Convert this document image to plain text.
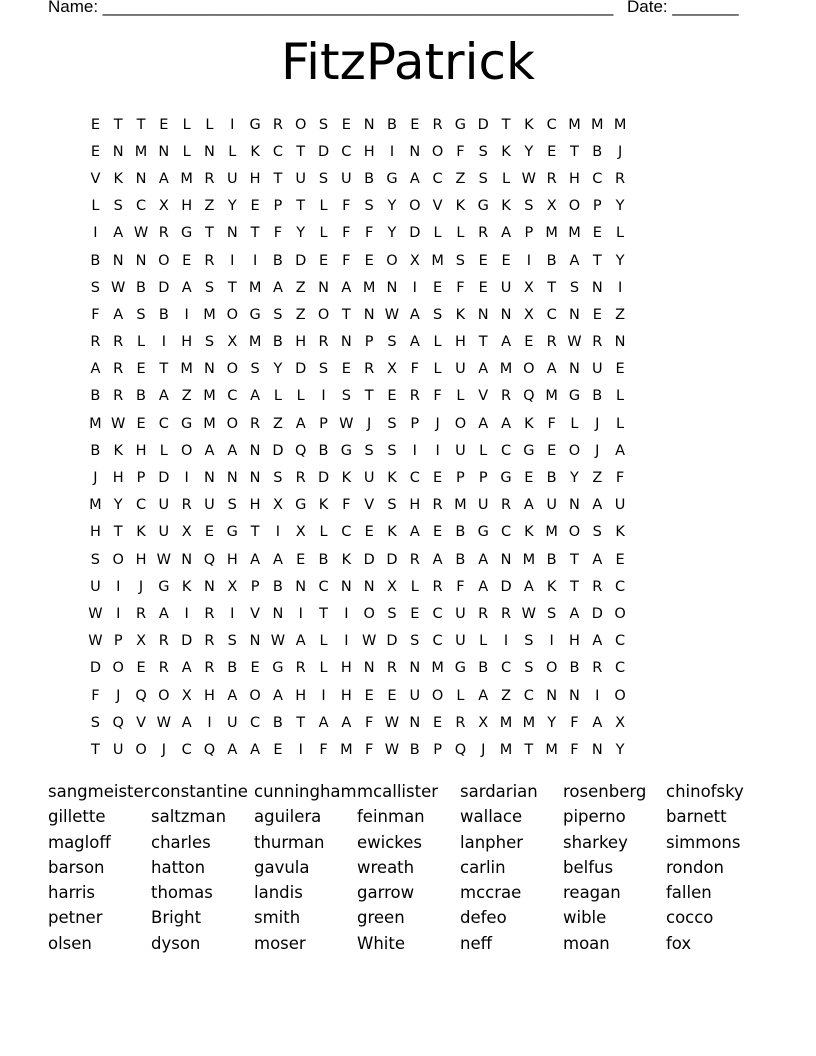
Name: ______________________________________________________ Date: _______
FitzPatrick
E T T E L	L	I	G R O S E N B E R G D T K C M M M
E N M N L N L K C T D C H	I	N O F S K Y E T B	J
V K N A M R U H T U S U B G A C Z S L W R H C R
L S C X H Z Y E P T L	F S Y O V K G K S X O P Y
I	A W R G T N T F Y L	F F Y D L	L R A P M M E L
B N N O E R	I	I	B D E F E O X M S E E	I	B A T Y
S W B D A S T M A Z N A M N	I	E F E U X T S N	I
F A S B	I M O G S Z O T N W A S K N N X C N E Z
R R L	I	H S X M B H R N P S A L H T A E R W R N
A R E T M N O S Y D S E R X F	L U A M O A N U E
B R B A Z M C A L	L	I	S T E R F	L V R Q M G B L
M W E C G M O R Z A P W J	S P	J	O A A K F	L	J	L
B K H L O A A N D Q B G S S	I	I	U L C G E O	J	A
J	H P D	I	N N N S R D K U K C E P P G E B Y Z F
M Y C U R U S H X G K F V S H R M U R A U N A U
H T K U X E G T	I	X L C E K A E B G C K M O S K
S O H W N Q H A A E B K D D R A B A N M B T A E
U	I	J	G K N X P B N C N N X L R F A D A K T R C
W I	R A	I	R	I	V N	I	T	I	O S E C U R R W S A D O
W P X R D R S N W A L	I W D S C U L	I	S	I	H A C
D O E R A R B E G R L H N R N M G B C S O B R C
F	J	Q O X H A O A H	I	H E E U O L A Z C N N	I	O
S Q V W A	I	U C B T A A F W N E R X M M Y F A X
T U O	J	C Q A A E	I	F M F W B P Q	J M T M F N Y
sangmeister constantine cunningham mcallister	sardarian	rosenberg	chinofsky
gillette	saltzman	aguilera	feinman	wallace	piperno	barnett
magloff	charles	thurman	ewickes	lanpher	sharkey	simmons
barson	hatton	gavula	wreath	carlin	belfus	rondon
harris	thomas	landis	garrow	mccrae	reagan	fallen
petner	Bright	smith	green	defeo	wible	cocco
olsen	dyson	moser	White	neff	moan	fox
